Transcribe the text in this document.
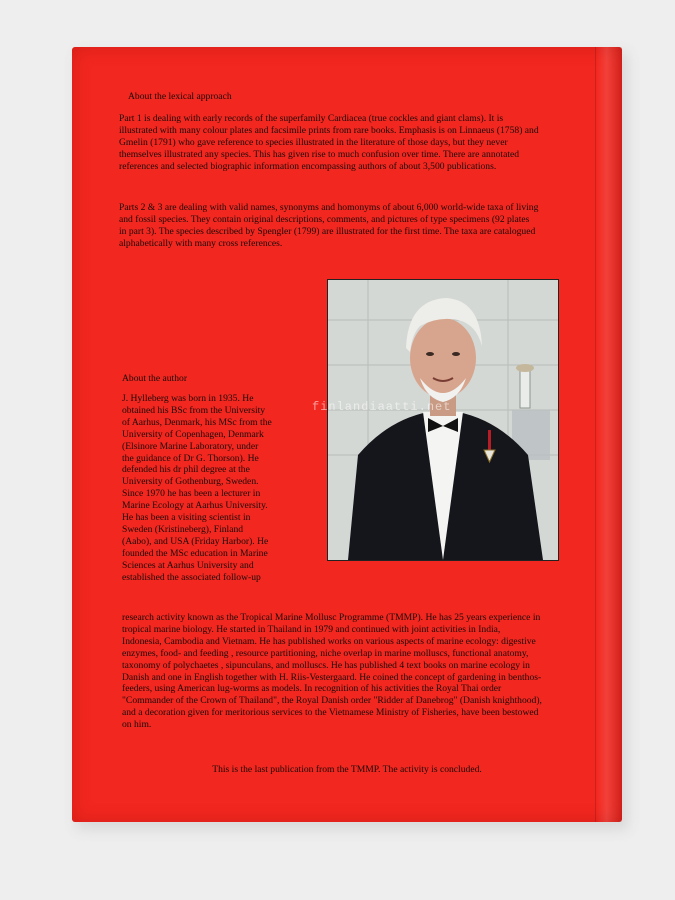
About the lexical approach
Part 1 is dealing with early records of the superfamily Cardiacea (true cockles and giant clams). It is illustrated with many colour plates and facsimile prints from rare books. Emphasis is on Linnaeus (1758) and Gmelin (1791) who gave reference to species illustrated in the literature of those days, but they never themselves illustrated any species. This has given rise to much confusion over time. There are annotated references and selected biographic information encompassing authors of about 3,500 publications.
Parts 2 & 3 are dealing with valid names, synonyms and homonyms of about 6,000 world-wide taxa of living and fossil species. They contain original descriptions, comments, and pictures of type specimens (92 plates in part 3). The species described by Spengler (1799) are illustrated for the first time. The taxa are catalogued alphabetically with many cross references.
finlandiaatti.net
About the author
J. Hylleberg was born in 1935. He obtained his BSc from the University of Aarhus, Denmark, his MSc from the University of Copenhagen, Denmark (Elsinore Marine Laboratory, under the guidance of Dr G. Thorson). He defended his dr phil degree at the University of Gothenburg, Sweden. Since 1970 he has been a lecturer in Marine Ecology at Aarhus University. He has been a visiting scientist in Sweden (Kristineberg), Finland (Aabo), and USA (Friday Harbor). He founded the MSc education in Marine Sciences at Aarhus University and established the associated follow-up
research activity known as the Tropical Marine Mollusc Programme (TMMP). He has 25 years experience in tropical marine biology. He started in Thailand in 1979 and continued with joint activities in India, Indonesia, Cambodia and Vietnam. He has published works on various aspects of marine ecology: digestive enzymes, food- and feeding , resource partitioning, niche overlap in marine molluscs, functional anatomy, taxonomy of polychaetes , sipunculans, and molluscs. He has published 4 text books on marine ecology in Danish and one in English together with H. Riis-Vestergaard. He coined the concept of gardening in benthos-feeders, using American lug-worms as models. In recognition of his activities the Royal Thai order "Commander of the Crown of Thailand", the Royal Danish order "Ridder af Danebrog" (Danish knighthood), and a decoration given for meritorious services to the Vietnamese Ministry of Fisheries, have been bestowed on him.
This is the last publication from the TMMP. The activity is concluded.
